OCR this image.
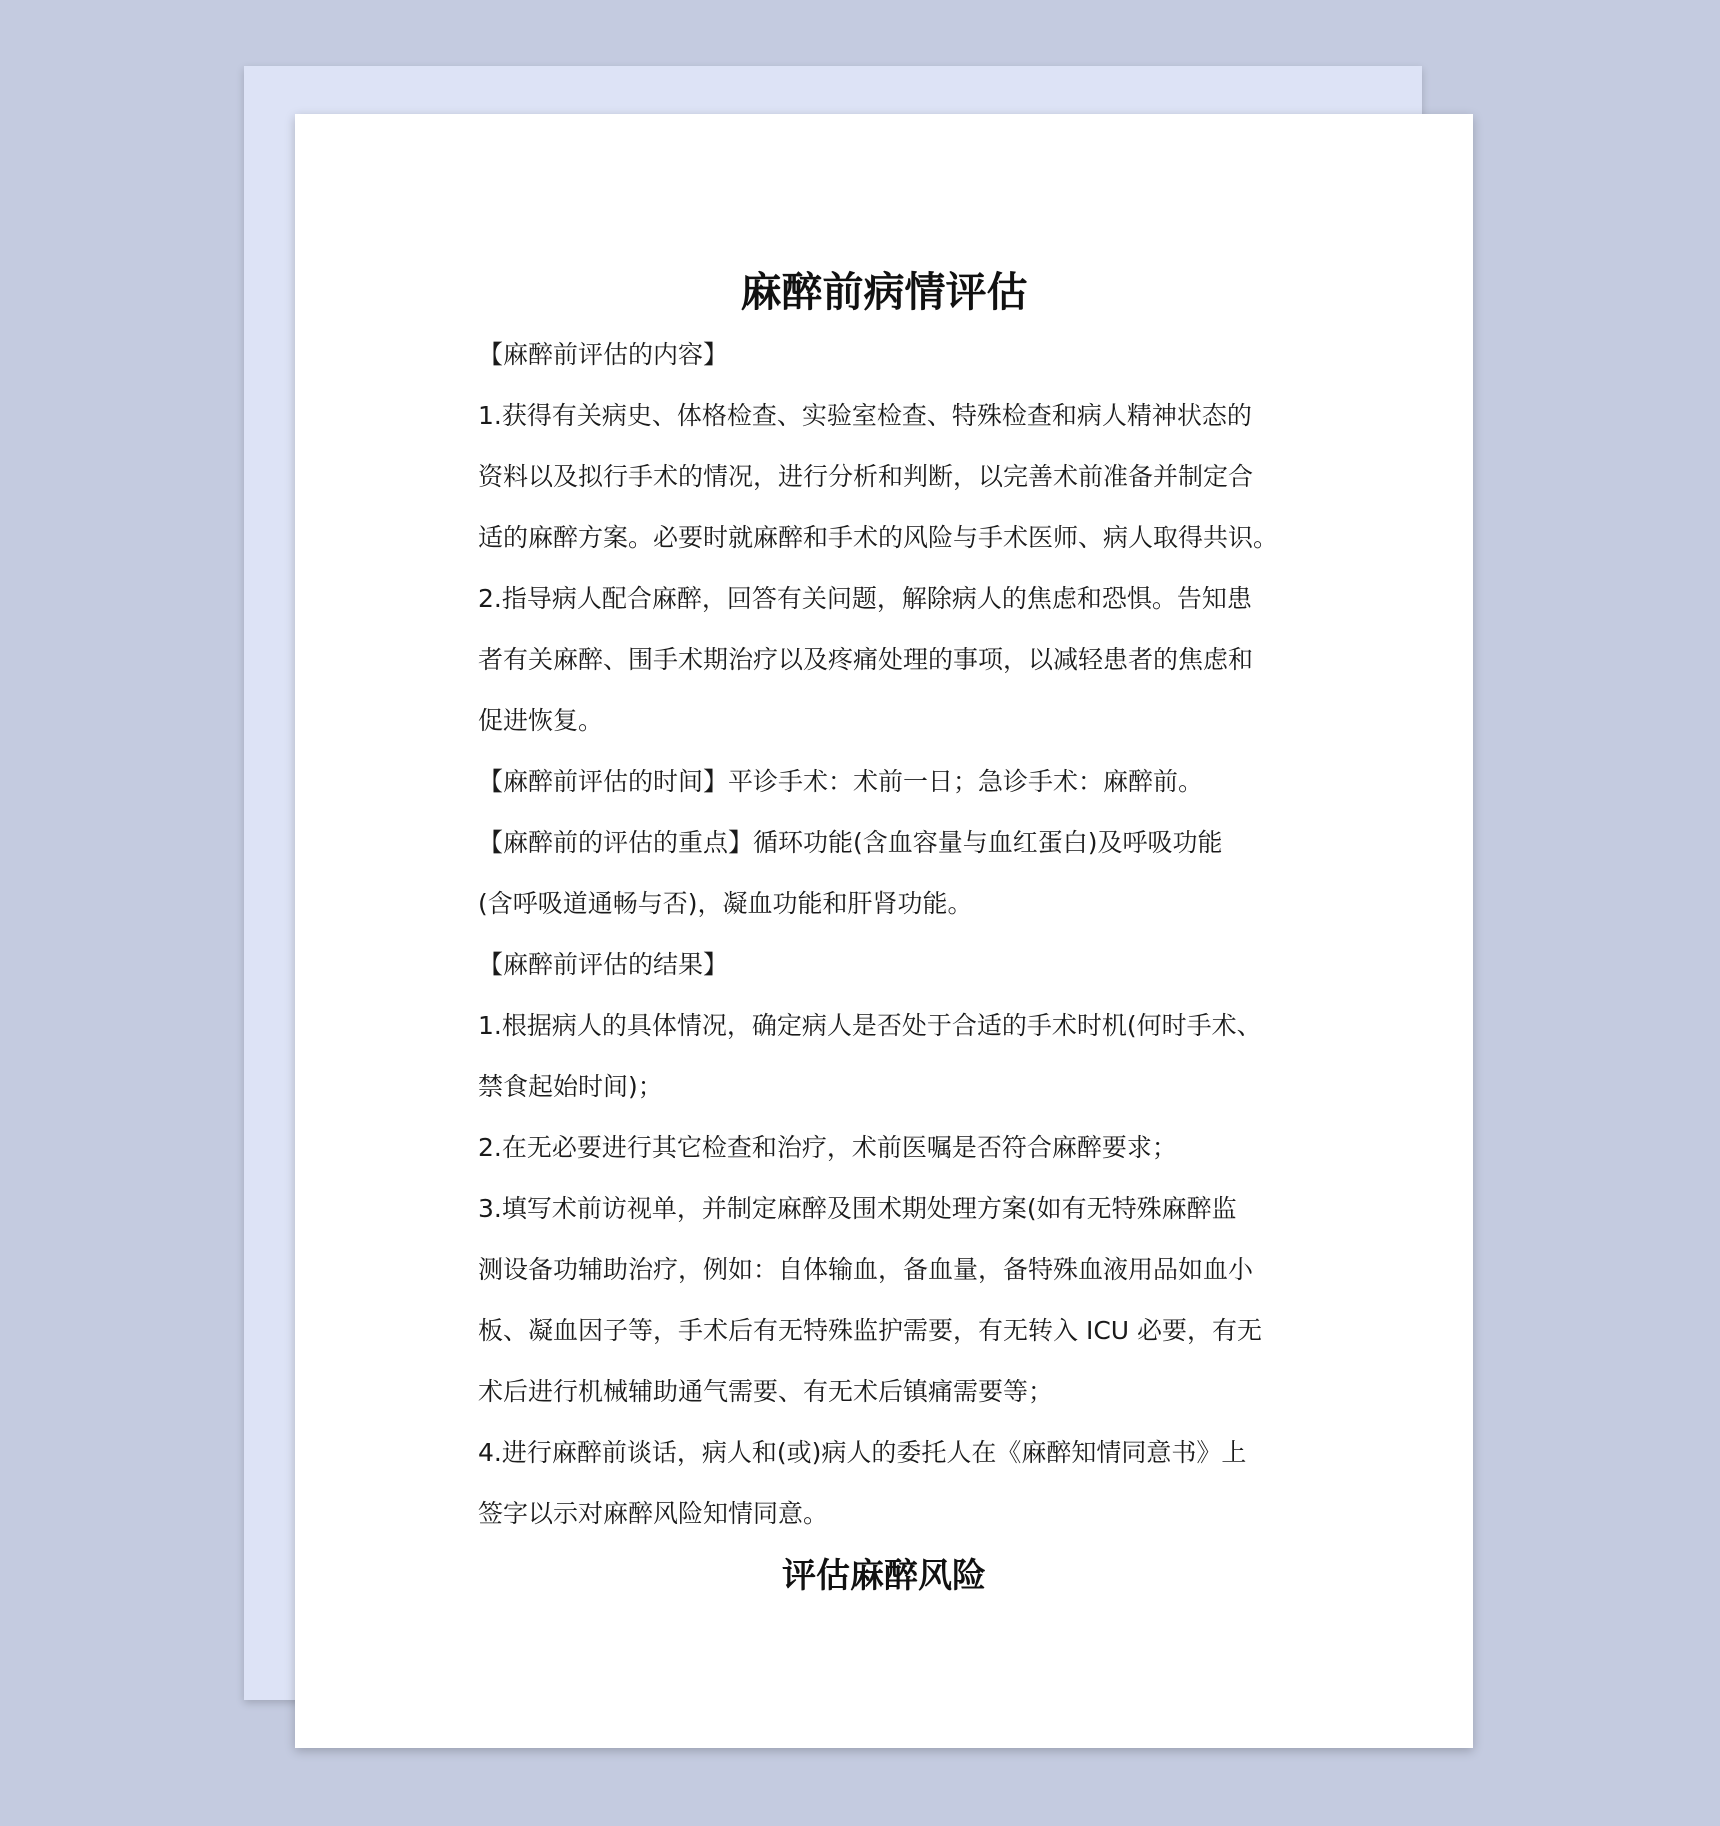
麻醉前病情评估

【麻醉前评估的内容】

1.获得有关病史、体格检查、实验室检查、特殊检查和病人精神状态的

资料以及拟行手术的情况，进行分析和判断，以完善术前准备并制定合

适的麻醉方案。必要时就麻醉和手术的风险与手术医师、病人取得共识。

2.指导病人配合麻醉，回答有关问题，解除病人的焦虑和恐惧。告知患

者有关麻醉、围手术期治疗以及疼痛处理的事项，以减轻患者的焦虑和

促进恢复。

【麻醉前评估的时间】平诊手术：术前一日；急诊手术：麻醉前。

【麻醉前的评估的重点】循环功能(含血容量与血红蛋白)及呼吸功能

(含呼吸道通畅与否)，凝血功能和肝肾功能。

【麻醉前评估的结果】

1.根据病人的具体情况，确定病人是否处于合适的手术时机(何时手术、

禁食起始时间)；

2.在无必要进行其它检查和治疗，术前医嘱是否符合麻醉要求；

3.填写术前访视单，并制定麻醉及围术期处理方案(如有无特殊麻醉监

测设备功辅助治疗，例如：自体输血，备血量，备特殊血液用品如血小

板、凝血因子等，手术后有无特殊监护需要，有无转入 ICU 必要，有无

术后进行机械辅助通气需要、有无术后镇痛需要等；

4.进行麻醉前谈话，病人和(或)病人的委托人在《麻醉知情同意书》上

签字以示对麻醉风险知情同意。

评估麻醉风险
